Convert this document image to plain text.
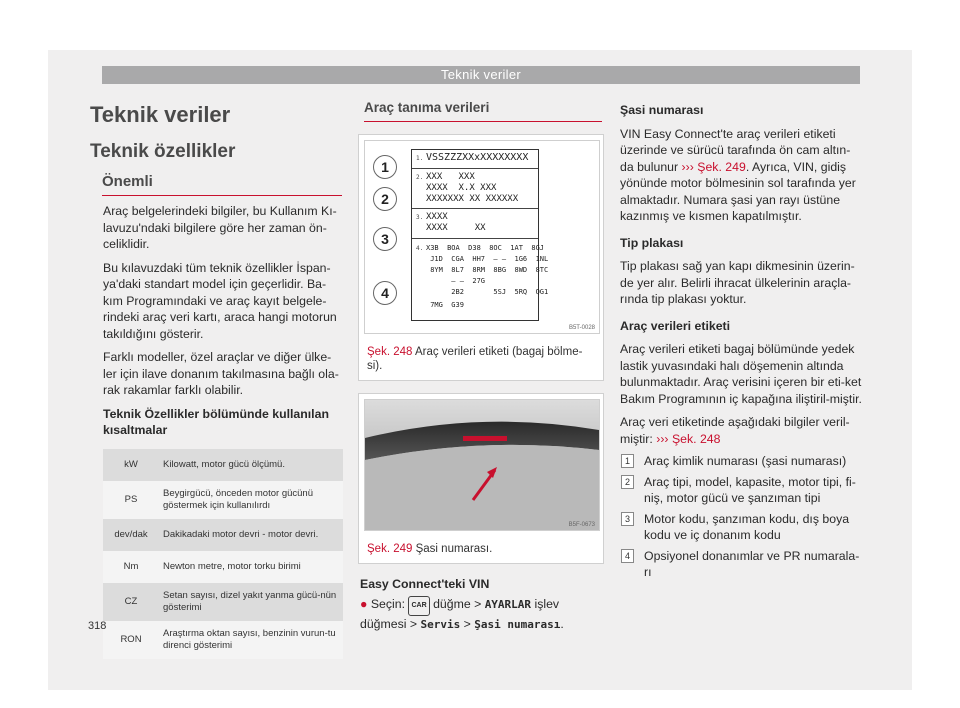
Teknik veriler
Teknik veriler
Teknik özellikler
Önemli
Araç belgelerindeki bilgiler, bu Kullanım Kı-lavuzu'ndaki bilgilere göre her zaman ön-celiklidir.
Bu kılavuzdaki tüm teknik özellikler İspan-ya'daki standart model için geçerlidir. Ba-kım Programındaki ve araç kayıt belgele-rindeki araç veri kartı, araca hangi motorun takıldığını gösterir.
Farklı modeller, özel araçlar ve diğer ülke-ler için ilave donanım takılmasına bağlı ola-rak rakamlar farklı olabilir.
Teknik Özellikler bölümünde kullanılan kısaltmalar
kW	Kilowatt, motor gücü ölçümü.
PS	Beygirgücü, önceden motor gücünü göstermek için kullanılırdı
dev/dak	Dakikadaki motor devri - motor devri.
Nm	Newton metre, motor torku birimi
CZ	Setan sayısı, dizel yakıt yanma gücü-nün gösterimi
RON	Araştırma oktan sayısı, benzinin vurun-tu direnci gösterimi
Araç tanıma verileri
1
2
3
4
1. VSSZZZXXxXXXXXXXX
2. XXX   XXX
XXXX  X.X XXX
XXXXXXX XX XXXXXX
3. XXXX
XXXX     XX
4. X3B  BOA  D38  8OC  1AT  8GJ
J1D  CGA  HH7  – –  1G6  1NL
8YM  8L7  8RM  8BG  8WD  8TC
– –  27G
2B2       5SJ  5RQ  QG1
7MG  G39
B5T-0028
Şek. 248 Araç verileri etiketi (bagaj bölme-si).
B5F-0673
Şek. 249 Şasi numarası.
Easy Connect'teki VIN
● Seçin: CAR düğme > AYARLAR işlev düğmesi > Servis > Şasi numarası.
Şasi numarası
VIN Easy Connect'te araç verileri etiketi üzerinde ve sürücü tarafında ön cam altın-da bulunur ››› Şek. 249. Ayrıca, VIN, gidiş yönünde motor bölmesinin sol tarafında yer almaktadır. Numara şasi yan rayı üstüne kazınmış ve kısmen kapatılmıştır.
Tip plakası
Tip plakası sağ yan kapı dikmesinin üzerin-de yer alır. Belirli ihracat ülkelerinin araçla-rında tip plakası yoktur.
Araç verileri etiketi
Araç verileri etiketi bagaj bölümünde yedek lastik yuvasındaki halı döşemenin altında bulunmaktadır. Araç verisini içeren bir eti-ket Bakım Programının iç kapağına iliştiril-miştir.
Araç veri etiketinde aşağıdaki bilgiler veril-miştir: ››› Şek. 248
1	Araç kimlik numarası (şasi numarası)
2	Araç tipi, model, kapasite, motor tipi, fi-niş, motor gücü ve şanzıman tipi
3	Motor kodu, şanzıman kodu, dış boya kodu ve iç donanım kodu
4	Opsiyonel donanımlar ve PR numarala-rı
318
